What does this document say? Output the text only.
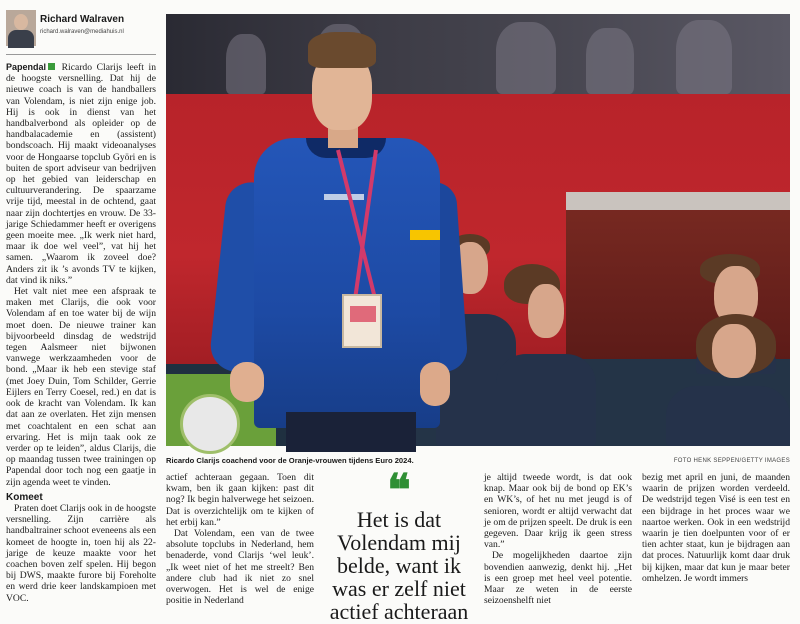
Richard Walraven
richard.walraven@mediahuis.nl

Papendal Ricardo Clarijs leeft in de hoogste versnelling. Dat hij de nieuwe coach is van de handballers van Volendam, is niet zijn enige job. Hij is ook in dienst van het handbalverbond als opleider op de handbalacademie en (assistent) bondscoach. Hij maakt videoanalyses voor de Hongaarse topclub Györi en is buiten de sport adviseur van bedrijven op het gebied van leiderschap en cultuurverandering. De spaarzame vrije tijd, meestal in de ochtend, gaat naar zijn dochtertjes en vrouw. De 33-jarige Schiedammer heeft er overigens geen moeite mee. „Ik werk niet hard, maar ik doe wel veel”, vat hij het samen. „Waarom ik zoveel doe? Anders zit ik ’s avonds TV te kijken, dat vind ik niks.”

Het valt niet mee een afspraak te maken met Clarijs, die ook voor Volendam af en toe water bij de wijn moet doen. De nieuwe trainer kan bijvoorbeeld dinsdag de wedstrijd tegen Aalsmeer niet bijwonen vanwege werkzaamheden voor de bond. „Maar ik heb een stevige staf (met Joey Duin, Tom Schilder, Gerrie Eijlers en Terry Coesel, red.) en dat is ook de kracht van Volendam. Ik kan dat aan ze overlaten. Het zijn mensen met coachtalent en een schat aan ervaring. Het is mijn taak ook ze verder op te leiden”, aldus Clarijs, die op maandag tussen twee trainingen op Papendal door toch nog een gaatje in zijn agenda weet te vinden.

Komeet

Praten doet Clarijs ook in de hoogste versnelling. Zijn carrière als handbaltrainer schoot eveneens als een komeet de hoogte in, toen hij als 22-jarige de keuze maakte voor het coachen boven zelf spelen. Hij begon bij DWS, maakte furore bij Foreholte en werd drie keer landskampioen met VOC.

Ricardo Clarijs coachend voor de Oranje-vrouwen tijdens Euro 2024.	FOTO HENK SEPPEN/GETTY IMAGES

actief achteraan gegaan. Toen dit kwam, ben ik gaan kijken: past dit nog? Ik begin halverwege het seizoen. Dat is overzichtelijk om te kijken of het erbij kan.”

Dat Volendam, een van de twee absolute topclubs in Nederland, hem benaderde, vond Clarijs ‘wel leuk’. „Ik weet niet of het me streelt? Ben andere club had ik niet zo snel overwogen. Het is wel de enige positie in Nederland

❝
Het is dat Volendam mij belde, want ik was er zelf niet actief achteraan

je altijd tweede wordt, is dat ook knap. Maar ook bij de bond op EK’s en WK’s, of het nu met jeugd is of senioren, wordt er altijd verwacht dat je om de prijzen speelt. De druk is een gegeven. Daar krijg ik geen stress van.”

De mogelijkheden daartoe zijn bovendien aanwezig, denkt hij. „Het is een groep met heel veel potentie. Maar ze weten in de eerste seizoenshelft niet

bezig met april en juni, de maanden waarin de prijzen worden verdeeld. De wedstrijd tegen Visé is een test en een bijdrage in het proces waar we naartoe werken. Ook in een wedstrijd waarin je tien doelpunten voor of er tien achter staat, kun je bijdragen aan dat proces. Natuurlijk komt daar druk bij kijken, maar dat kun je maar beter omhelzen. Je wordt immers
